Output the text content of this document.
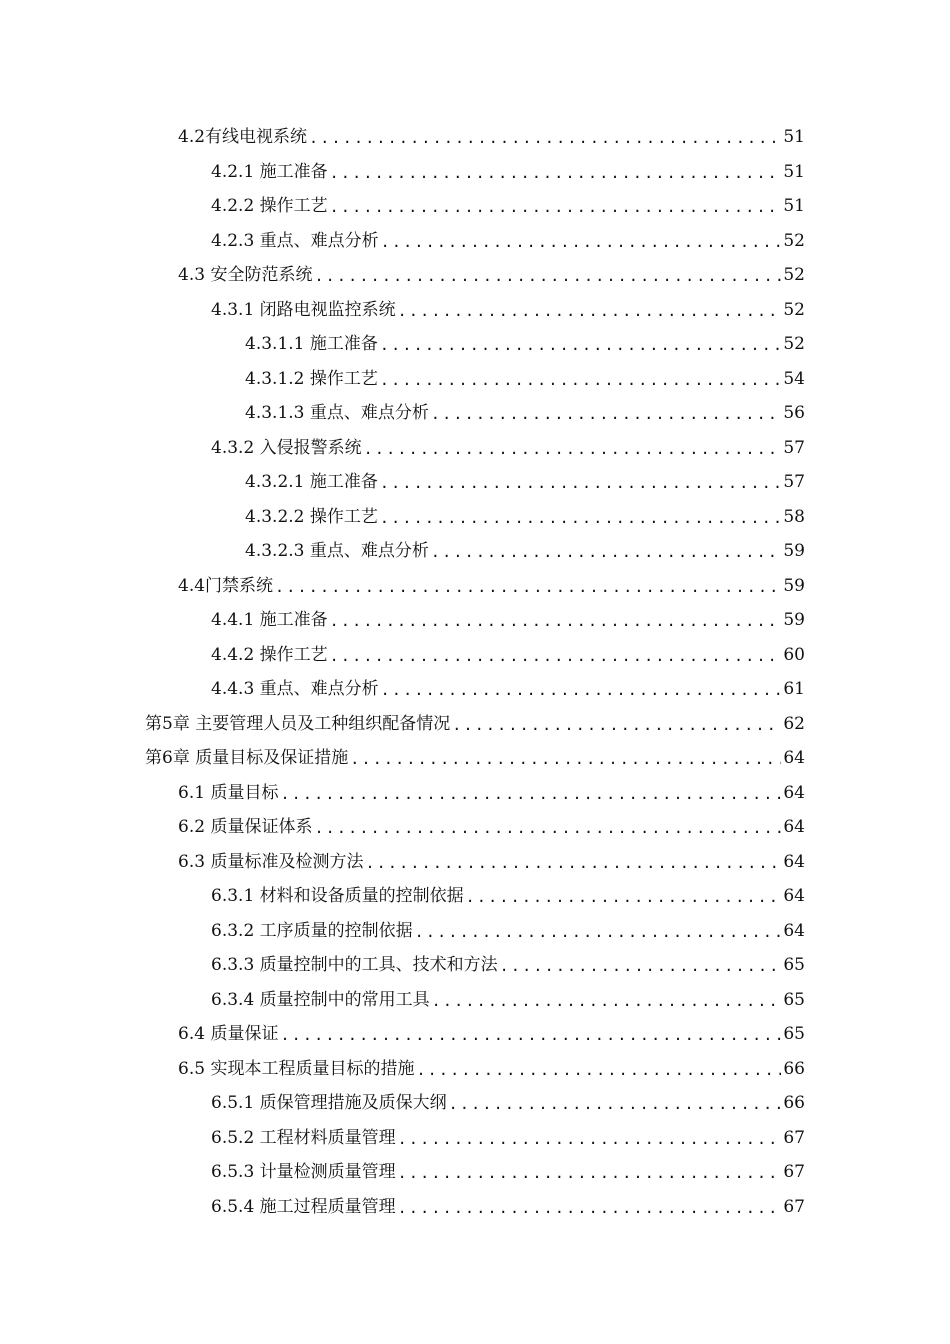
4.2有线电视系统 .....	51
4.2.1 施工准备 .....	51
4.2.2 操作工艺 .....	51
4.2.3 重点、难点分析 .....	52
4.3 安全防范系统 .....	52
4.3.1 闭路电视监控系统 .....	52
4.3.1.1 施工准备 .....	52
4.3.1.2 操作工艺 .....	54
4.3.1.3 重点、难点分析 .....	56
4.3.2 入侵报警系统 .....	57
4.3.2.1 施工准备 .....	57
4.3.2.2 操作工艺 .....	58
4.3.2.3 重点、难点分析 .....	59
4.4门禁系统 .....	59
4.4.1 施工准备 .....	59
4.4.2 操作工艺 .....	60
4.4.3 重点、难点分析 .....	61
第5章 主要管理人员及工种组织配备情况 .....	62
第6章 质量目标及保证措施 .....	64
6.1 质量目标 .....	64
6.2 质量保证体系 .....	64
6.3 质量标准及检测方法 .....	64
6.3.1 材料和设备质量的控制依据 .....	64
6.3.2 工序质量的控制依据 .....	64
6.3.3 质量控制中的工具、技术和方法 .....	65
6.3.4 质量控制中的常用工具 .....	65
6.4 质量保证 .....	65
6.5 实现本工程质量目标的措施 .....	66
6.5.1 质保管理措施及质保大纲 .....	66
6.5.2 工程材料质量管理 .....	67
6.5.3 计量检测质量管理 .....	67
6.5.4 施工过程质量管理 .....	67
